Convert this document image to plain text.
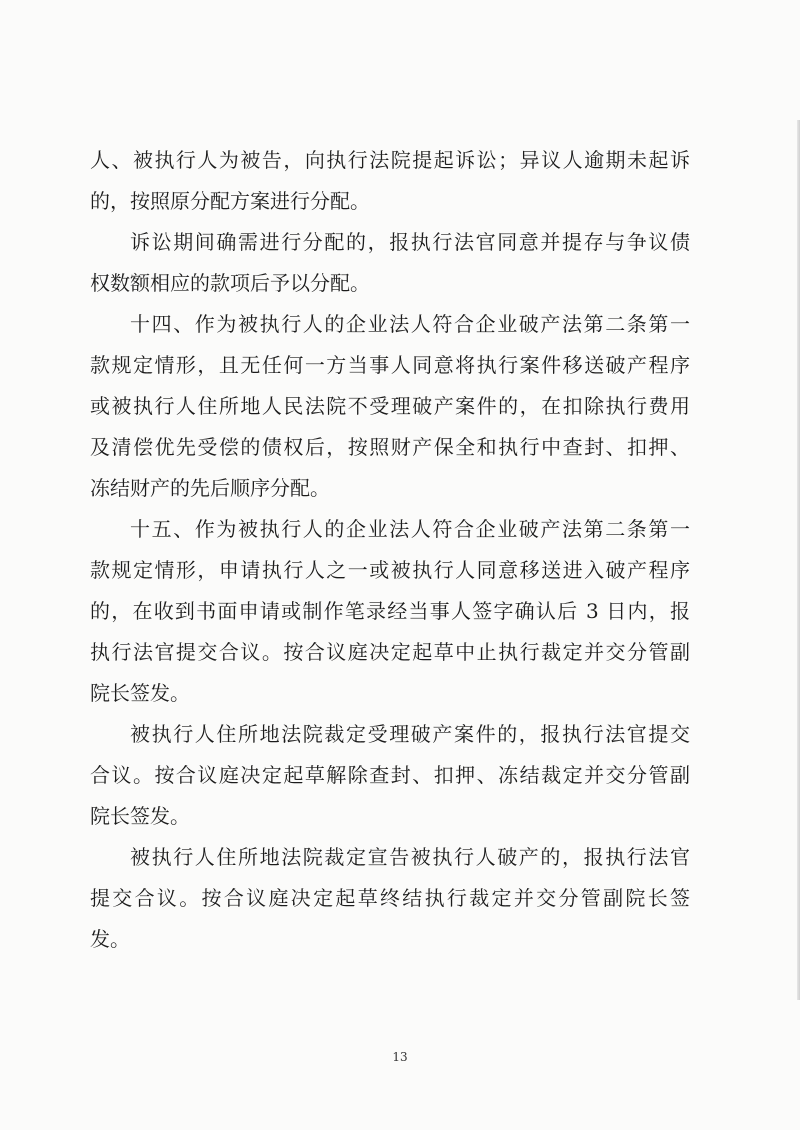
人、被执行人为被告，向执行法院提起诉讼；异议人逾期未起诉
的，按照原分配方案进行分配。
诉讼期间确需进行分配的，报执行法官同意并提存与争议债
权数额相应的款项后予以分配。
十四、作为被执行人的企业法人符合企业破产法第二条第一
款规定情形，且无任何一方当事人同意将执行案件移送破产程序
或被执行人住所地人民法院不受理破产案件的，在扣除执行费用
及清偿优先受偿的债权后，按照财产保全和执行中查封、扣押、
冻结财产的先后顺序分配。
十五、作为被执行人的企业法人符合企业破产法第二条第一
款规定情形，申请执行人之一或被执行人同意移送进入破产程序
的，在收到书面申请或制作笔录经当事人签字确认后 3 日内，报
执行法官提交合议。按合议庭决定起草中止执行裁定并交分管副
院长签发。
被执行人住所地法院裁定受理破产案件的，报执行法官提交
合议。按合议庭决定起草解除查封、扣押、冻结裁定并交分管副
院长签发。
被执行人住所地法院裁定宣告被执行人破产的，报执行法官
提交合议。按合议庭决定起草终结执行裁定并交分管副院长签
发。
13
